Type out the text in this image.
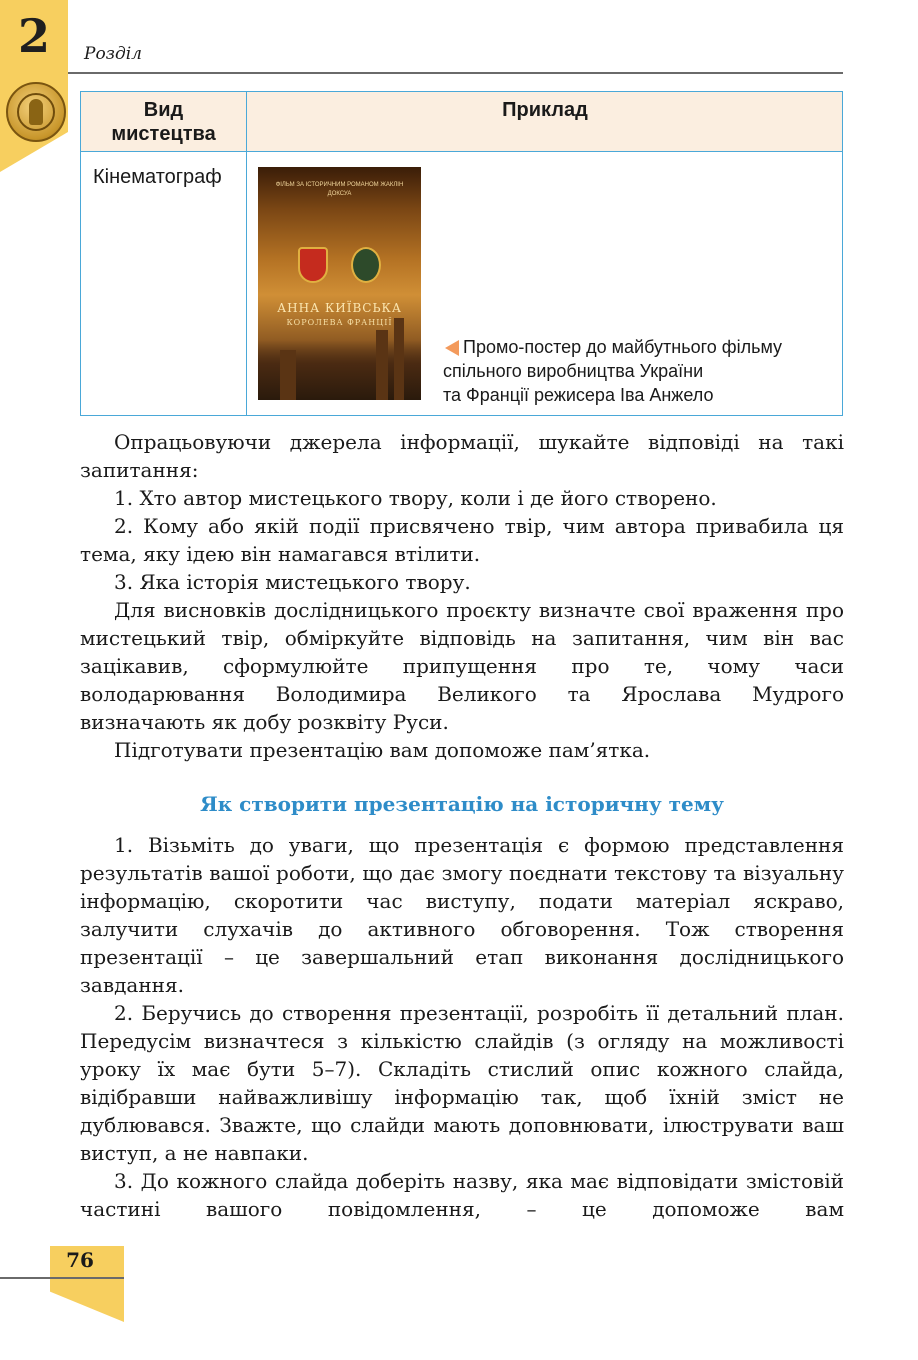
2	Розділ
Вид мистецтва
Приклад
Кінематограф	ФІЛЬМ ЗА ІСТОРИЧНИМ РОМАНОМ ЖАКЛІН ДОКСУА
АННА КИЇВСЬКА
КОРОЛЕВА ФРАНЦІЇ
Промо-постер до майбутнього фільму
спільного виробництва України
та Франції режисера Іва Анжело

Опрацьовуючи джерела інформації, шукайте відповіді на такі запитання:

1. Хто автор мистецького твору, коли і де його створено.

2. Кому або якій події присвячено твір, чим автора привабила ця тема, яку ідею він намагався втілити.

3. Яка історія мистецького твору.

Для висновків дослідницького проєкту визначте свої враження про мистецький твір, обміркуйте відповідь на запитання, чим він вас зацікавив, сформулюйте припущення про те, чому часи володарювання Володимира Великого та Ярослава Мудрого визначають як добу розквіту Руси.

Підготувати презентацію вам допоможе пам’ятка.

Як створити презентацію на історичну тему

1. Візьміть до уваги, що презентація є формою представлення результатів вашої роботи, що дає змогу поєднати текстову та візуальну інформацію, скоротити час виступу, подати матеріал яскраво, залучити слухачів до активного обговорення. Тож створення презентації – це завершальний етап виконання дослідницького завдання.

2. Беручись до створення презентації, розробіть її детальний план. Передусім визначтеся з кількістю слайдів (з огляду на можливості уроку їх має бути 5–7). Складіть стислий опис кожного слайда, відібравши найважливішу інформацію так, щоб їхній зміст не дублювався. Зважте, що слайди мають доповнювати, ілюструвати ваш виступ, а не навпаки.

3. До кожного слайда доберіть назву, яка має відповідати змістовій частині вашого повідомлення, – це допоможе вам

76
